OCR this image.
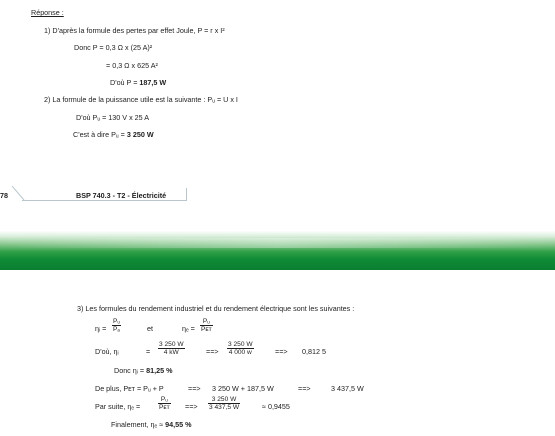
Réponse :
1) D'après la formule des pertes par effet Joule, P = r x I²
Donc P = 0,3 Ω x (25 A)²
= 0,3 Ω x 625 A²
D'où P = 187,5 W
2) La formule de la puissance utile est la suivante : Pᵤ = U x I
D'où Pᵤ = 130 V x 25 A
C'est à dire Pᵤ = 3 250 W
78	BSP 740.3 - T2 - Électricité
3) Les formules du rendement industriel et du rendement électrique sont les suivantes :
ηᵢ = $\frac{\text{Pᵤ}}{\text{Pₐ}}$	et	ηₑ =
Pᵤ
Pᴇᴛ
D'où, ηᵢ	= $\frac{3 250 W}{4 kW}$	==> $\frac{3 250 W}{4 000 w}$	==> 0,812 5
Donc ηᵢ = 81,25 %
De plus, Pᴇᴛ = Pᵤ + P	==> 3 250 W + 187,5 W	==>	3 437,5 W
Par suite, ηₑ =
Pᵤ
Pᴇᴛ ==> $\frac{3 250 W}{3 437,5 W}$	≈ 0,9455
Finalement, ηₑ ≈ 94,55 %
